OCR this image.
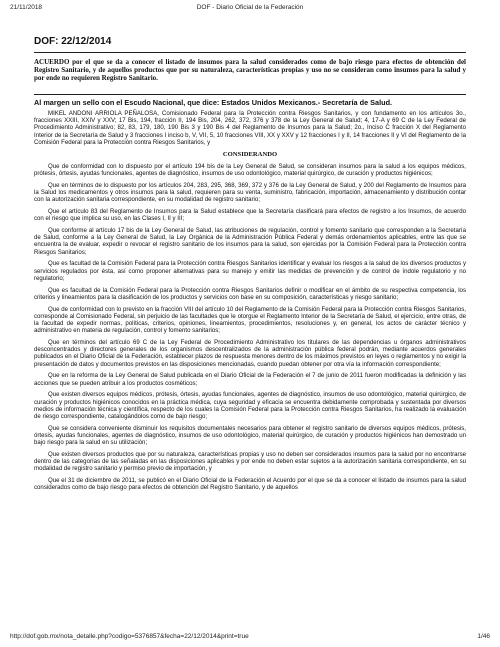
21/11/2018	DOF - Diario Oficial de la Federación
DOF: 22/12/2014
ACUERDO por el que se da a conocer el listado de insumos para la salud considerados como de bajo riesgo para efectos de obtención del Registro Sanitario, y de aquellos productos que por su naturaleza, características propias y uso no se consideran como insumos para la salud y por ende no requieren Registro Sanitario.
Al margen un sello con el Escudo Nacional, que dice: Estados Unidos Mexicanos.- Secretaría de Salud.

MIKEL ANDONI ARRIOLA PEÑALOSA, Comisionado Federal para la Protección contra Riesgos Sanitarios, y con fundamento en los artículos 3o., fracciones XXIII, XXIV y XXV; 17 Bis, 194, fracción II, 194 Bis, 204, 262, 372, 376 y 378 de la Ley General de Salud; 4, 17-A y 69 C de la Ley Federal de Procedimiento Administrativo; 82, 83, 179, 180, 190 Bis 3 y 190 Bis 4 del Reglamento de Insumos para la Salud; 2o., Inciso C fracción X del Reglamento Interior de la Secretaría de Salud y 3 fracciones I inciso b, V, VII, 5, 10 fracciones VIII, XX y XXV y 12 fracciones I y II, 14 fracciones II y VI del Reglamento de la Comisión Federal para la Protección contra Riesgos Sanitarios, y

CONSIDERANDO

Que de conformidad con lo dispuesto por el artículo 194 bis de la Ley General de Salud, se consideran insumos para la salud a los equipos médicos, prótesis, órtesis, ayudas funcionales, agentes de diagnóstico, insumos de uso odontológico, material quirúrgico, de curación y productos higiénicos;

Que en términos de lo dispuesto por los artículos 204, 283, 295, 368, 369, 372 y 376 de la Ley General de Salud, y 200 del Reglamento de Insumos para la Salud los medicamentos y otros insumos para la salud, requieren para su venta, suministro, fabricación, importación, almacenamiento y distribución contar con la autorización sanitaria correspondiente, en su modalidad de registro sanitario;

Que el artículo 83 del Reglamento de Insumos para la Salud establece que la Secretaría clasificará para efectos de registro a los Insumos, de acuerdo con el riesgo que implica su uso, en las Clases I, II y III;

Que conforme al artículo 17 bis de la Ley General de Salud, las atribuciones de regulación, control y fomento sanitario que corresponden a la Secretaría de Salud, conforme a la Ley General de Salud, la Ley Orgánica de la Administración Pública Federal y demás ordenamientos aplicables, entre las que se encuentra la de evaluar, expedir o revocar el registro sanitario de los insumos para la salud, son ejercidas por la Comisión Federal para la Protección contra Riesgos Sanitarios;

Que es facultad de la Comisión Federal para la Protección contra Riesgos Sanitarios identificar y evaluar los riesgos a la salud de los diversos productos y servicios regulados por ésta, así como proponer alternativas para su manejo y emitir las medidas de prevención y de control de índole regulatorio y no regulatorio;

Que es facultad de la Comisión Federal para la Protección contra Riesgos Sanitarios definir o modificar en el ámbito de su respectiva competencia, los criterios y lineamientos para la clasificación de los productos y servicios con base en su composición, características y riesgo sanitario;

Que de conformidad con lo previsto en la fracción VIII del artículo 10 del Reglamento de la Comisión Federal para la Protección contra Riesgos Sanitarios, corresponde al Comisionado Federal, sin perjuicio de las facultades que le otorgue el Reglamento Interior de la Secretaría de Salud, el ejercicio, entre otras, de la facultad de expedir normas, políticas, criterios, opiniones, lineamientos, procedimientos, resoluciones y, en general, los actos de carácter técnico y administrativo en materia de regulación, control y fomento sanitarios;

Que en términos del artículo 69 C de la Ley Federal de Procedimiento Administrativo los titulares de las dependencias u órganos administrativos desconcentrados y directores generales de los organismos descentralizados de la administración pública federal podrán, mediante acuerdos generales publicados en el Diario Oficial de la Federación, establecer plazos de respuesta menores dentro de los máximos previstos en leyes o reglamentos y no exigir la presentación de datos y documentos previstos en las disposiciones mencionadas, cuando puedan obtener por otra vía la información correspondiente;

Que en la reforma de la Ley General de Salud publicada en el Diario Oficial de la Federación el 7 de junio de 2011 fueron modificadas la definición y las acciones que se pueden atribuir a los productos cosméticos;

Que existen diversos equipos médicos, prótesis, órtesis, ayudas funcionales, agentes de diagnóstico, insumos de uso odontológico, material quirúrgico, de curación y productos higiénicos conocidos en la práctica médica, cuya seguridad y eficacia se encuentra debidamente comprobada y sustentada por diversos medios de información técnica y científica, respecto de los cuales la Comisión Federal para la Protección contra Riesgos Sanitarios, ha realizado la evaluación de riesgo correspondiente, catalogándolos como de bajo riesgo;

Que se considera conveniente disminuir los requisitos documentales necesarios para obtener el registro sanitario de diversos equipos médicos, prótesis, órtesis, ayudas funcionales, agentes de diagnóstico, insumos de uso odontológico, material quirúrgico, de curación y productos higiénicos han demostrado un bajo riesgo para la salud en su utilización;

Que existen diversos productos que por su naturaleza, características propias y uso no deben ser considerados insumos para la salud por no encontrarse dentro de las categorías de las señaladas en las disposiciones aplicables y por ende no deben estar sujetos a la autorización sanitaria correspondiente, en su modalidad de registro sanitario y permiso previo de importación, y

Que el 31 de diciembre de 2011, se publicó en el Diario Oficial de la Federación el Acuerdo por el que se da a conocer el listado de insumos para la salud considerados como de bajo riesgo para efectos de obtención del Registro Sanitario, y de aquellos

http://dof.gob.mx/nota_detalle.php?codigo=5376857&fecha=22/12/2014&print=true	1/46
